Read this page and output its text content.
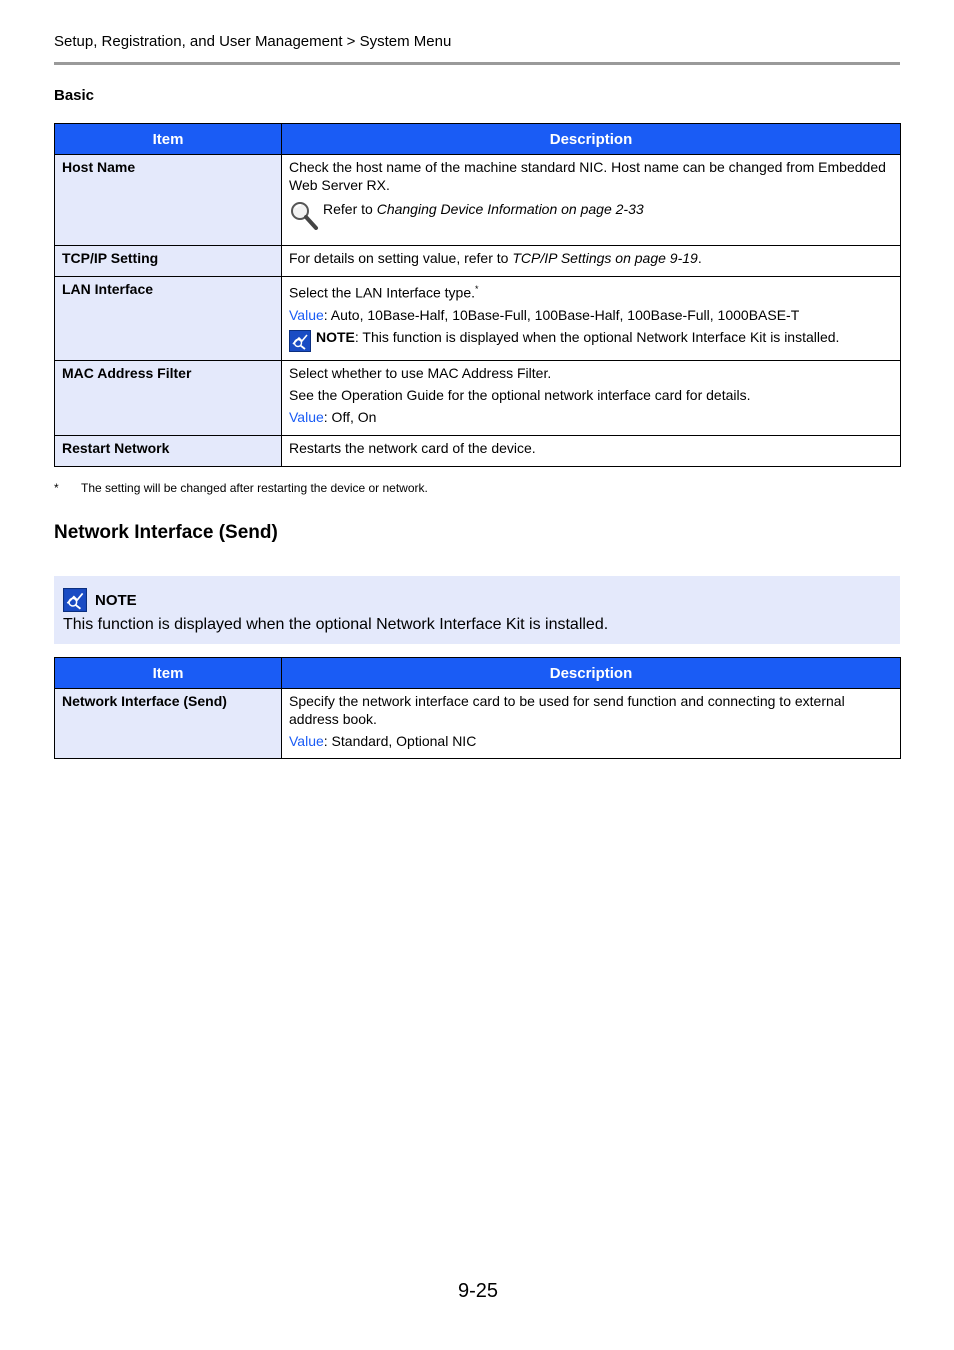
Setup, Registration, and User Management > System Menu
Basic
Item	Description
Host Name	Check the host name of the machine standard NIC. Host name can be changed from Embedded Web Server RX.
Refer to Changing Device Information on page 2-33

TCP/IP Setting	For details on setting value, refer to TCP/IP Settings on page 9-19.
LAN Interface	Select the LAN Interface type.*
Value: Auto, 10Base-Half, 10Base-Full, 100Base-Half, 100Base-Full, 1000BASE-T
NOTE: This function is displayed when the optional Network Interface Kit is installed.

MAC Address Filter	Select whether to use MAC Address Filter.
See the Operation Guide for the optional network interface card for details.
Value: Off, On

Restart Network	Restarts the network card of the device.
* The setting will be changed after restarting the device or network.
Network Interface (Send)
NOTE
This function is displayed when the optional Network Interface Kit is installed.
Item	Description
Network Interface (Send)	Specify the network interface card to be used for send function and connecting to external address book.
Value: Standard, Optional NIC
9-25
